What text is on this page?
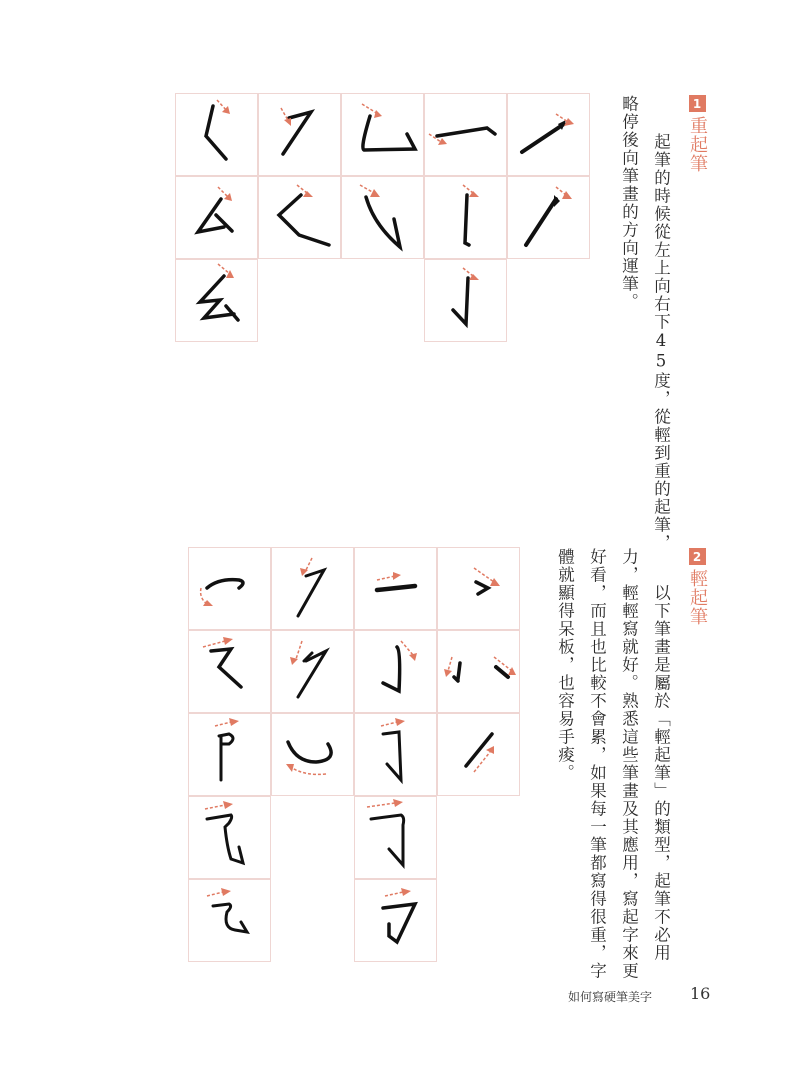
1
重起筆
起筆的時候從左上向右下45度，從輕到重的起筆，
略停後向筆畫的方向運筆。
2
輕起筆
以下筆畫是屬於「輕起筆」的類型，起筆不必用
力，輕輕寫就好。熟悉這些筆畫及其應用，寫起字來更
好看，而且也比較不會累，如果每一筆都寫得很重，字
體就顯得呆板，也容易手痠。
如何寫硬筆美字 16
